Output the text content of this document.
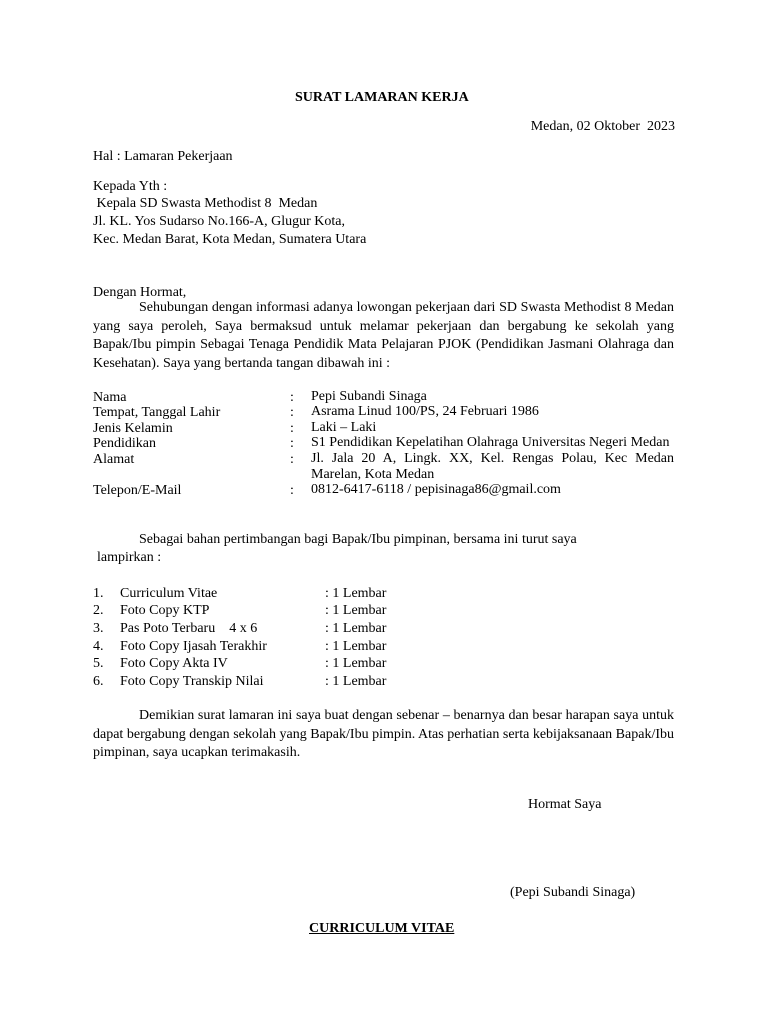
SURAT LAMARAN KERJA
Medan, 02 Oktober  2023
Hal : Lamaran Pekerjaan
Kepada Yth :
Kepala SD Swasta Methodist 8  Medan
Jl. KL. Yos Sudarso No.166-A, Glugur Kota,
Kec. Medan Barat, Kota Medan, Sumatera Utara
Dengan Hormat,
Sehubungan dengan informasi adanya lowongan pekerjaan dari SD Swasta Methodist 8 Medan yang saya peroleh, Saya bermaksud untuk melamar pekerjaan dan bergabung ke sekolah yang Bapak/Ibu pimpin Sebagai Tenaga Pendidik Mata Pelajaran PJOK (Pendidikan Jasmani Olahraga dan Kesehatan). Saya yang bertanda tangan dibawah ini :
Nama	: Pepi Subandi Sinaga
Tempat, Tanggal Lahir	: Asrama Linud 100/PS, 24 Februari 1986
Jenis Kelamin	: Laki – Laki
Pendidikan	: S1 Pendidikan Kepelatihan Olahraga Universitas Negeri Medan
Alamat	: Jl. Jala 20 A, Lingk. XX, Kel. Rengas Polau, Kec Medan Marelan, Kota Medan
Telepon/E-Mail	: 0812-6417-6118 / pepisinaga86@gmail.com
Sebagai bahan pertimbangan bagi Bapak/Ibu pimpinan, bersama ini turut saya
lampirkan :
1. Curriculum Vitae	: 1 Lembar
2. Foto Copy KTP	: 1 Lembar
3. Pas Poto Terbaru    4 x 6	: 1 Lembar
4. Foto Copy Ijasah Terakhir	: 1 Lembar
5. Foto Copy Akta IV	: 1 Lembar
6. Foto Copy Transkip Nilai	: 1 Lembar
Demikian surat lamaran ini saya buat dengan sebenar – benarnya dan besar harapan saya untuk dapat bergabung dengan sekolah yang Bapak/Ibu pimpin. Atas perhatian serta kebijaksanaan Bapak/Ibu pimpinan, saya ucapkan terimakasih.
Hormat Saya
(Pepi Subandi Sinaga)
CURRICULUM VITAE
